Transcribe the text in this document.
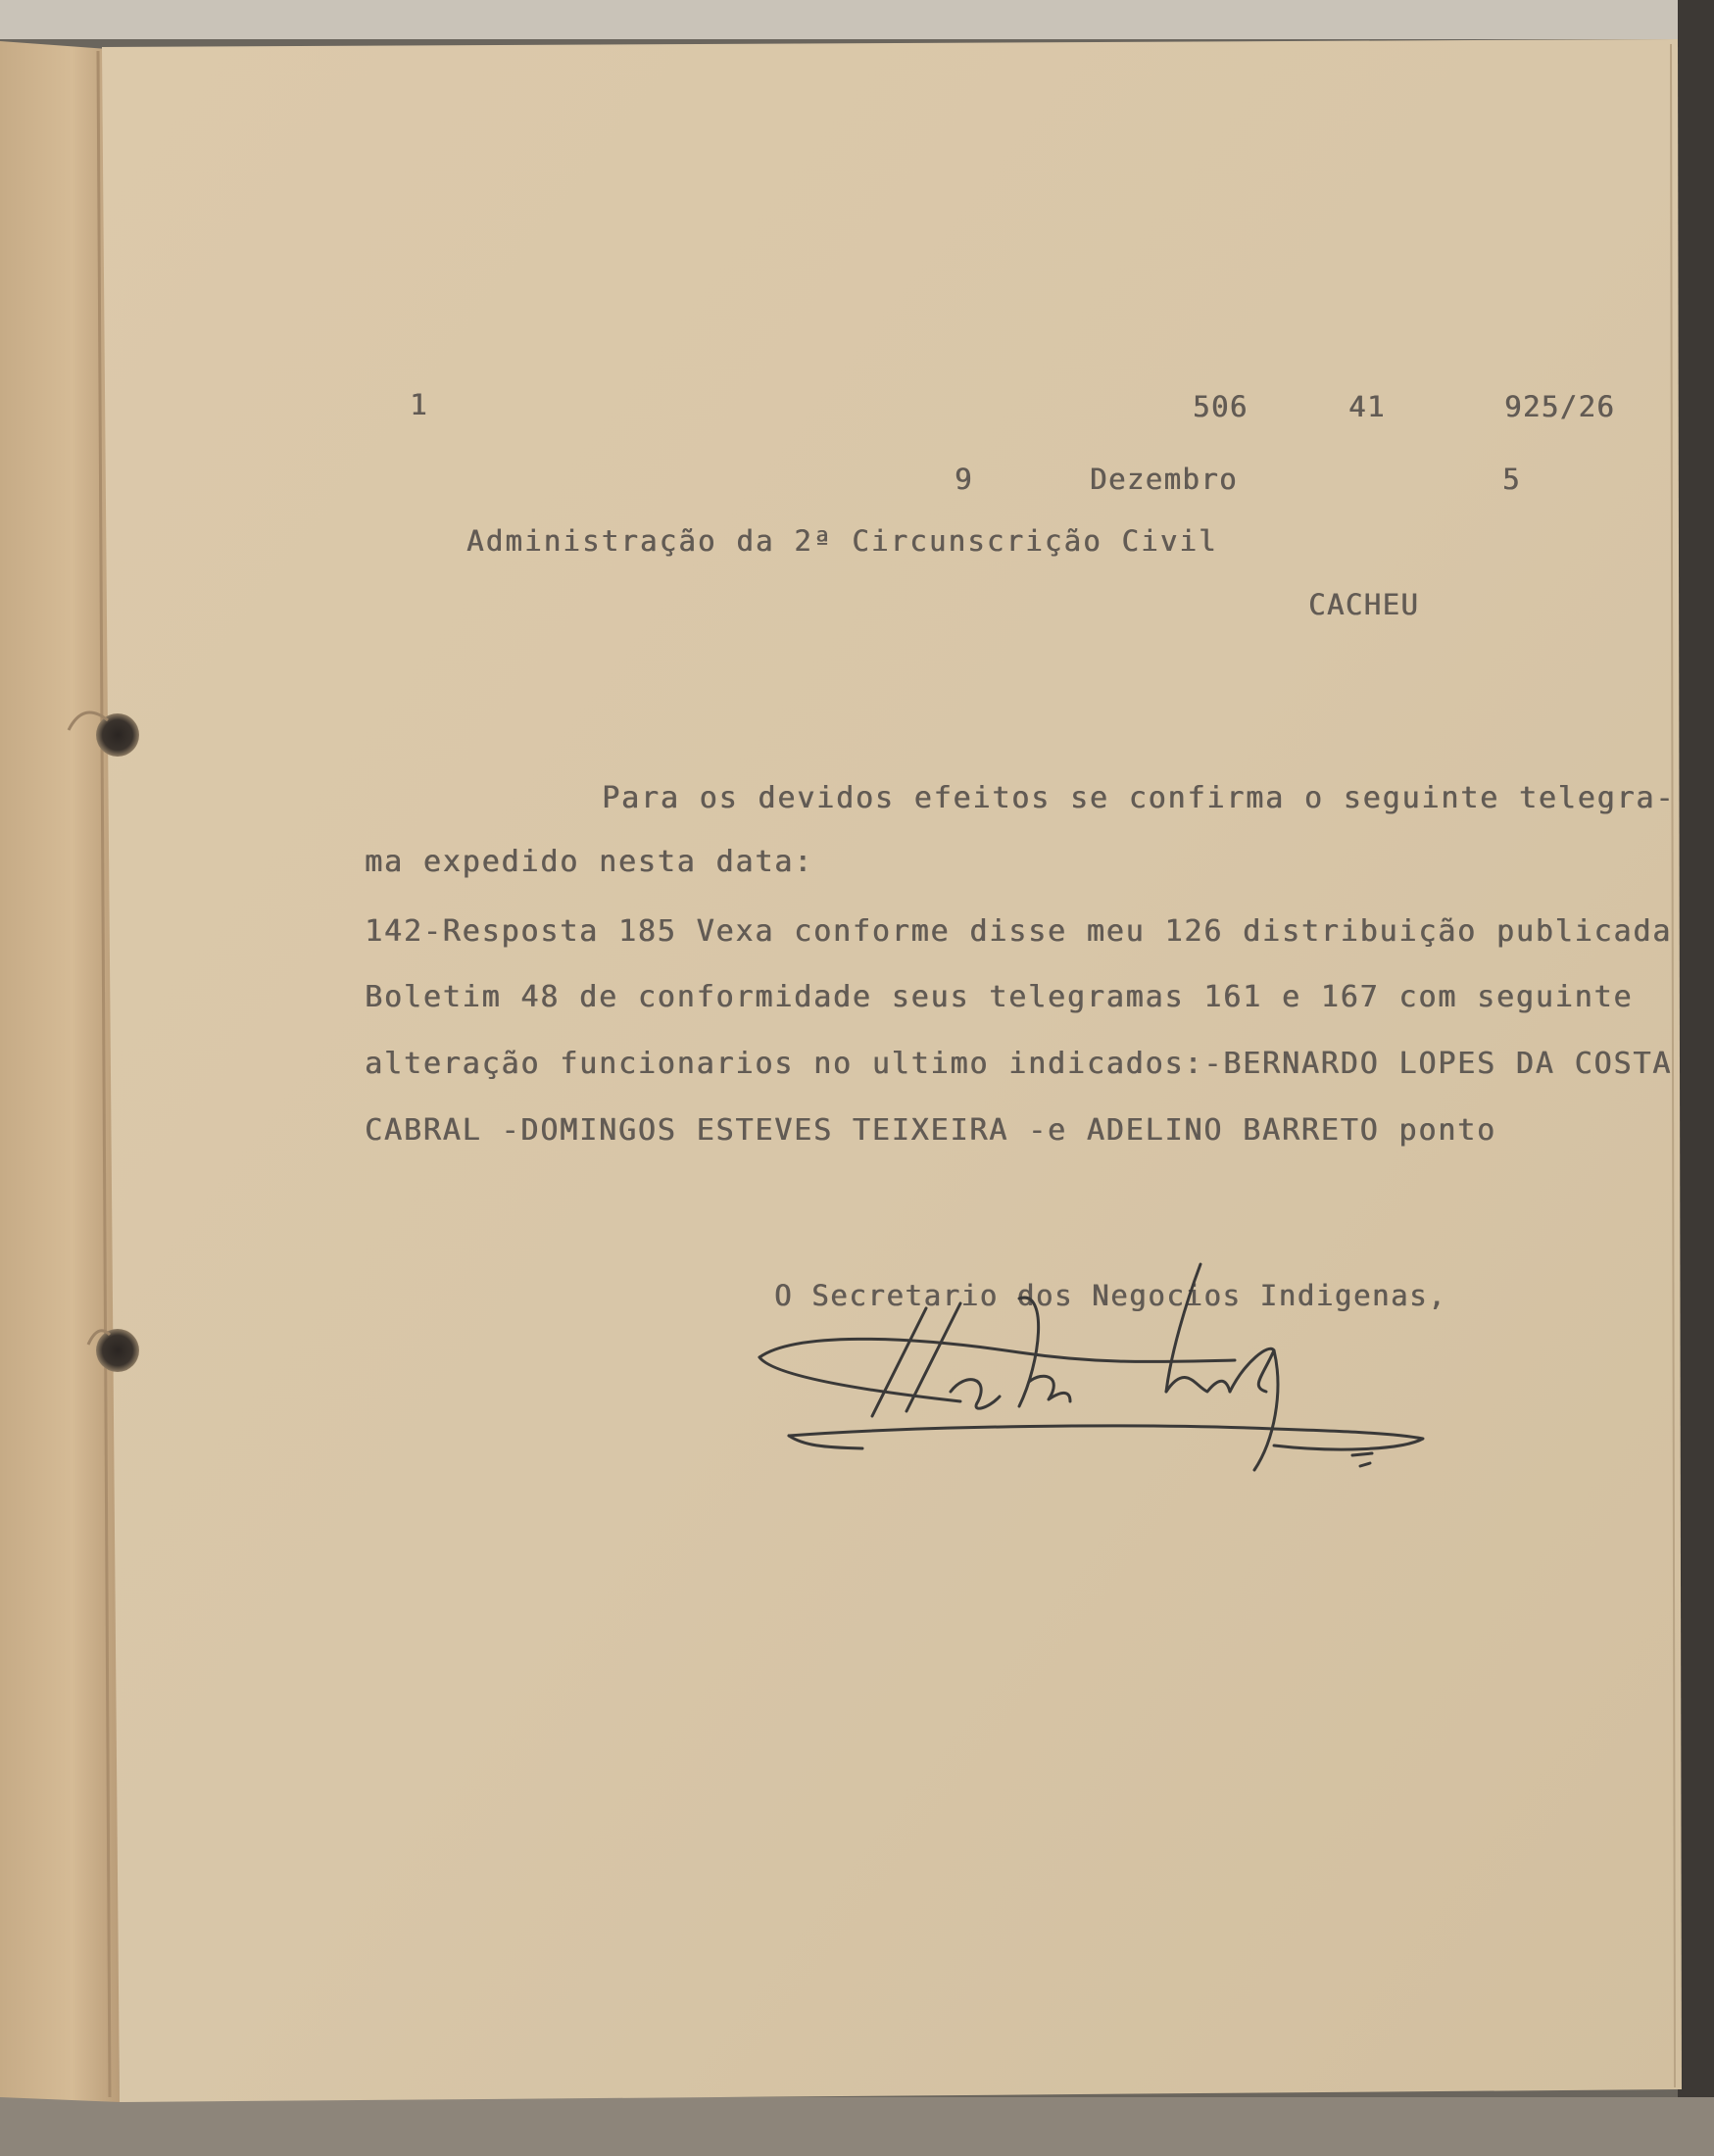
1	506	41	925/26
9	Dezembro	5
Administração da 2ª Circunscrição Civil
CACHEU
Para os devidos efeitos se confirma o seguinte telegra-
ma expedido nesta data:
142-Resposta 185 Vexa conforme disse meu 126 distribuição publicada
Boletim 48 de conformidade seus telegramas 161 e 167 com seguinte
alteração funcionarios no ultimo indicados:-BERNARDO LOPES DA COSTA
CABRAL -DOMINGOS ESTEVES TEIXEIRA -e ADELINO BARRETO ponto
O Secretario dos Negocios Indigenas,
